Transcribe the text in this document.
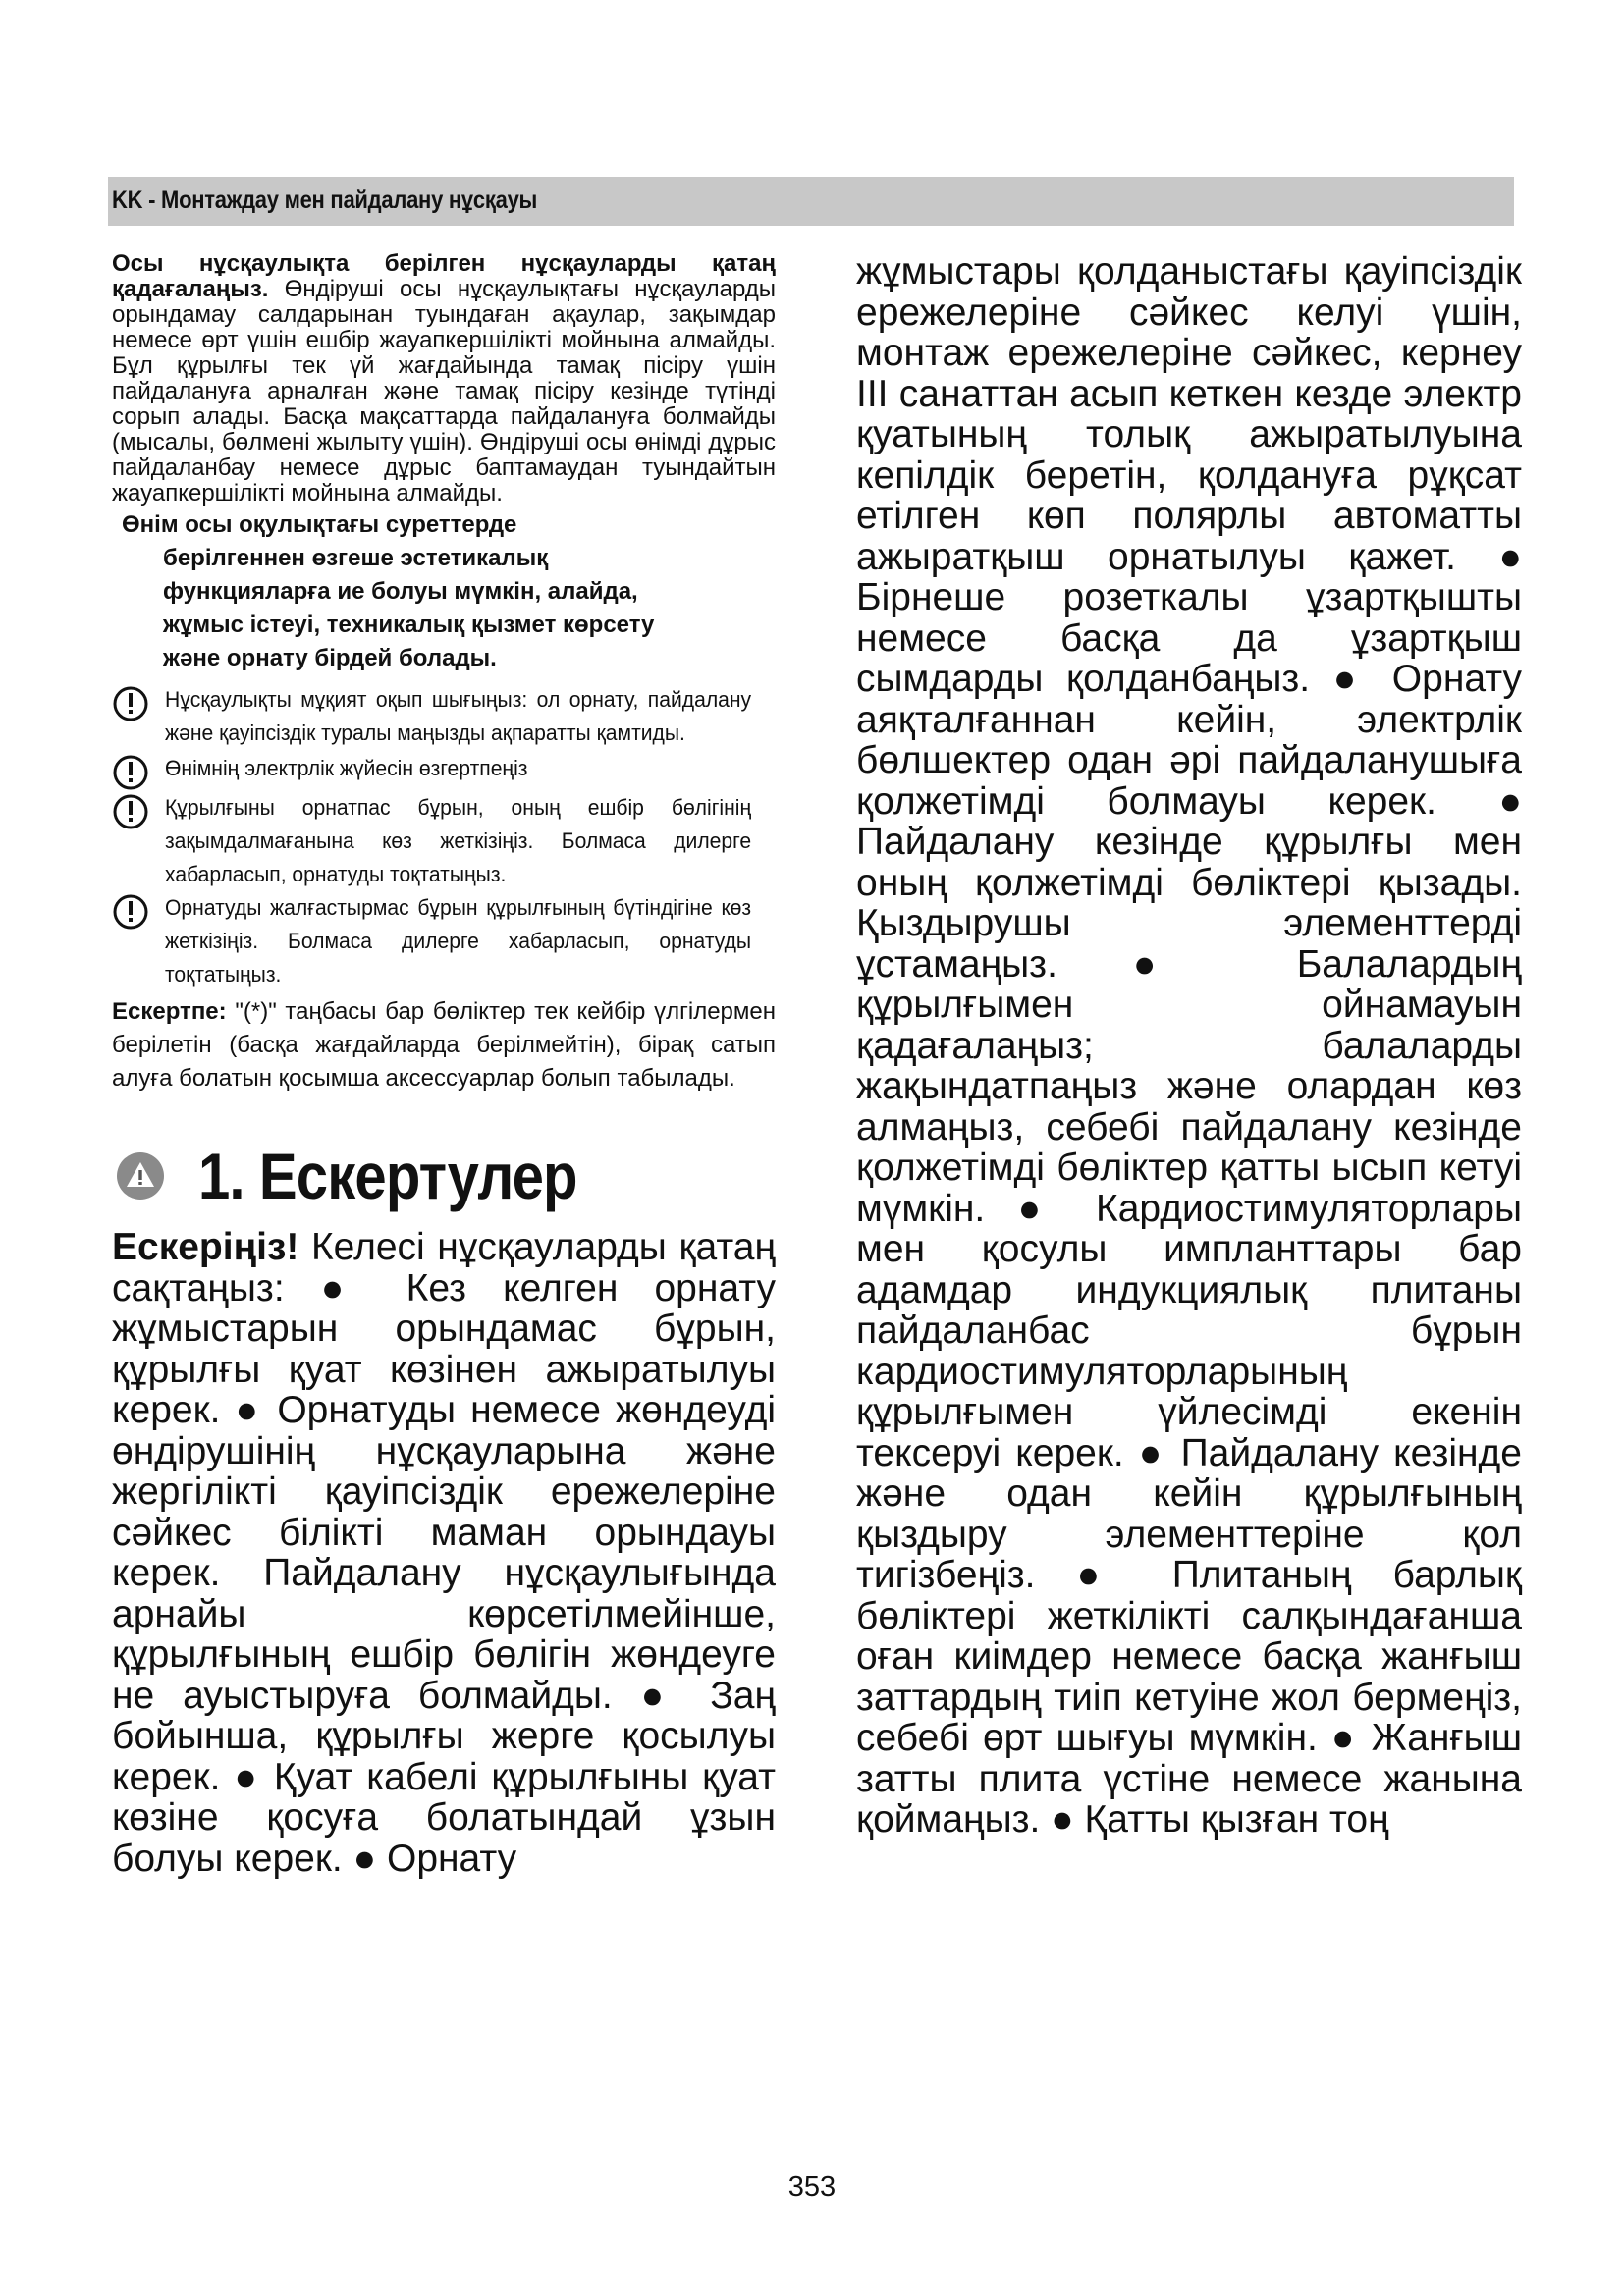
KK - Монтаждау мен пайдалану нұсқауы

Осы нұсқаулықта берілген нұсқауларды қатаң қадағалаңыз. Өндіруші осы нұсқаулықтағы нұсқауларды орындамау салдарынан туындаған ақаулар, зақымдар немесе өрт үшін ешбір жауапкершілікті мойнына алмайды. Бұл құрылғы тек үй жағдайында тамақ пісіру үшін пайдалануға арналған және тамақ пісіру кезінде түтінді сорып алады. Басқа мақсаттарда пайдалануға болмайды (мысалы, бөлмені жылыту үшін). Өндіруші осы өнімді дұрыс пайдаланбау немесе дұрыс баптамаудан туындайтын жауапкершілікті мойнына алмайды.

Өнім осы оқулықтағы суреттерде
берілгеннен өзгеше эстетикалық
функцияларға ие болуы мүмкін, алайда,
жұмыс істеуі, техникалық қызмет көрсету
және орнату бірдей болады.

Нұсқаулықты мұқият оқып шығыңыз: ол орнату, пайдалану және қауіпсіздік туралы маңызды ақпаратты қамтиды.

Өнімнің электрлік жүйесін өзгертпеңіз

Құрылғыны орнатпас бұрын, оның ешбір бөлігінің зақымдалмағанына көз жеткізіңіз. Болмаса дилерге хабарласып, орнатуды тоқтатыңыз.

Орнатуды жалғастырмас бұрын құрылғының бүтіндігіне көз жеткізіңіз. Болмаса дилерге хабарласып, орнатуды тоқтатыңыз.

Ескертпе: "(*)" таңбасы бар бөліктер тек кейбір үлгілермен берілетін (басқа жағдайларда берілмейтін), бірақ сатып алуға болатын қосымша аксессуарлар болып табылады.

1. Ескертулер

Ескеріңіз! Келесі нұсқауларды қатаң сақтаңыз: ● Кез келген орнату жұмыстарын орындамас бұрын, құрылғы қуат көзінен ажыратылуы керек. ● Орнатуды немесе жөндеуді өндірушінің нұсқауларына және жергілікті қауіпсіздік ережелеріне сәйкес білікті маман орындауы керек. Пайдалану нұсқаулығында арнайы көрсетілмейінше, құрылғының ешбір бөлігін жөндеуге не ауыстыруға болмайды. ● Заң бойынша, құрылғы жерге қосылуы керек. ● Қуат кабелі құрылғыны қуат көзіне қосуға болатындай ұзын болуы керек. ● Орнату

жұмыстары қолданыстағы қауіпсіздік ережелеріне сәйкес келуі үшін, монтаж ережелеріне сәйкес, кернеу III санаттан асып кеткен кезде электр қуатының толық ажыратылуына кепілдік беретін, қолдануға рұқсат етілген көп полярлы автоматты ажыратқыш орнатылуы қажет. ● Бірнеше розеткалы ұзартқышты немесе басқа да ұзартқыш сымдарды қолданбаңыз. ● Орнату аяқталғаннан кейін, электрлік бөлшектер одан әрі пайдаланушыға қолжетімді болмауы керек. ● Пайдалану кезінде құрылғы мен оның қолжетімді бөліктері қызады. Қыздырушы элементтерді ұстамаңыз. ● Балалардың құрылғымен ойнамауын қадағалаңыз; балаларды жақындатпаңыз және олардан көз алмаңыз, себебі пайдалану кезінде қолжетімді бөліктер қатты ысып кетуі мүмкін. ● Кардиостимуляторлары мен қосулы импланттары бар адамдар индукциялық плитаны пайдаланбас бұрын кардиостимуляторларының құрылғымен үйлесімді екенін тексеруі керек. ● Пайдалану кезінде және одан кейін құрылғының қыздыру элементтеріне қол тигізбеңіз. ● Плитаның барлық бөліктері жеткілікті салқындағанша оған киімдер немесе басқа жанғыш заттардың тиіп кетуіне жол бермеңіз, себебі өрт шығуы мүмкін. ● Жанғыш затты плита үстіне немесе жанына қоймаңыз. ● Қатты қызған тоң

353
